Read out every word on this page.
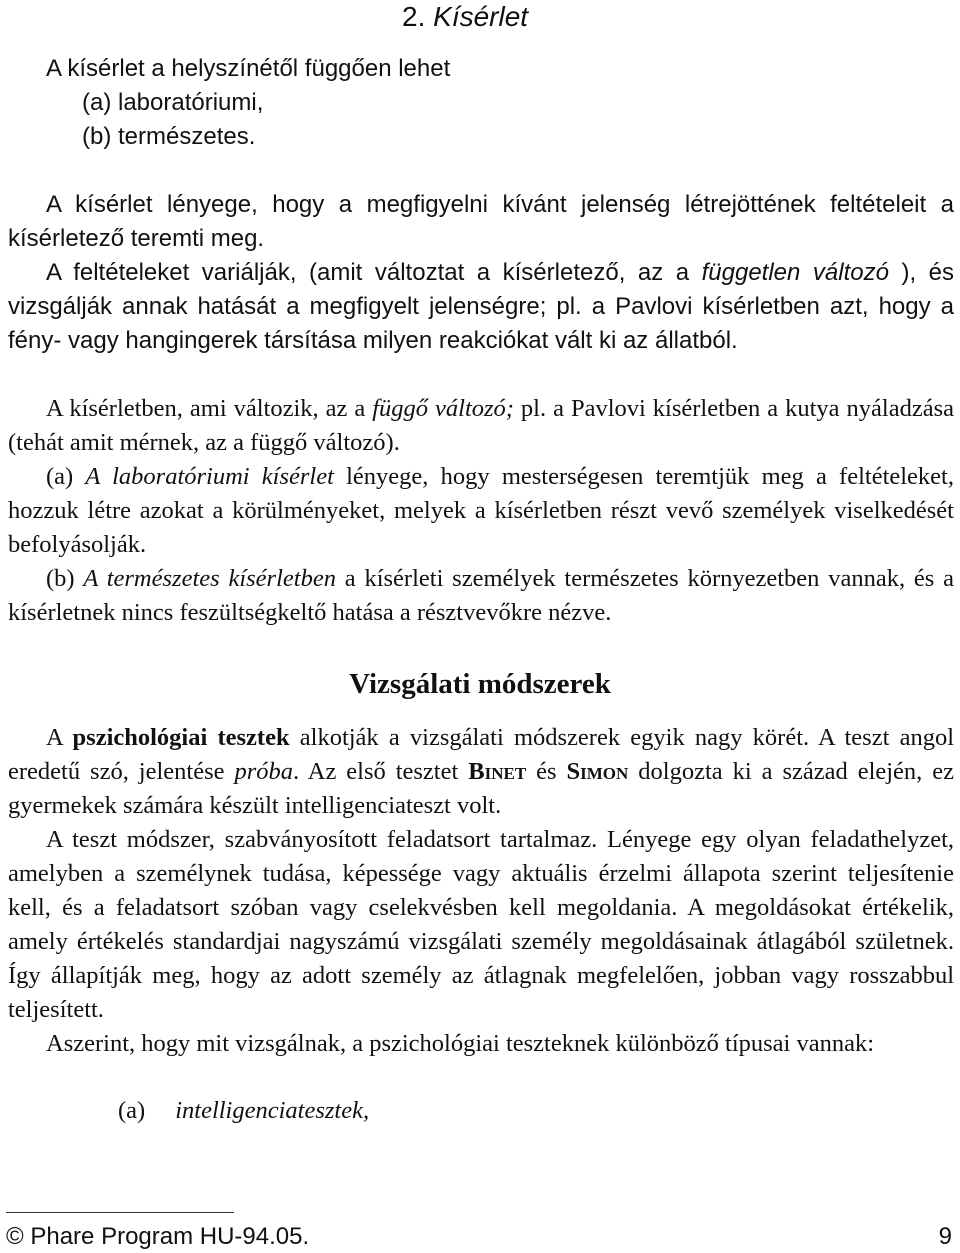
2. Kísérlet
A kísérlet a helyszínétől függően lehet
(a) laboratóriumi,
(b) természetes.

A kísérlet lényege, hogy a megfigyelni kívánt jelenség létrejöttének feltételeit a kísérletező teremti meg.

A feltételeket variálják, (amit változtat a kísérletező, az a független változó ), és vizsgálják annak hatását a megfigyelt jelenségre; pl. a Pavlovi kísérletben azt, hogy a fény- vagy hangingerek társítása milyen reakciókat vált ki az állatból.

A kísérletben, ami változik, az a függő változó; pl. a Pavlovi kísérletben a kutya nyáladzása (tehát amit mérnek, az a függő változó).

(a) A laboratóriumi kísérlet lényege, hogy mesterségesen teremtjük meg a feltételeket, hozzuk létre azokat a körülményeket, melyek a kísérletben részt vevő személyek viselkedését befolyásolják.

(b) A természetes kísérletben a kísérleti személyek természetes környezetben vannak, és a kísérletnek nincs feszültségkeltő hatása a résztvevőkre nézve.

Vizsgálati módszerek

A pszichológiai tesztek alkotják a vizsgálati módszerek egyik nagy körét. A teszt angol eredetű szó, jelentése próba. Az első tesztet Binet és Simon dolgozta ki a század elején, ez gyermekek számára készült intelligenciateszt volt.

A teszt módszer, szabványosított feladatsort tartalmaz. Lényege egy olyan feladathelyzet, amelyben a személynek tudása, képessége vagy aktuális érzelmi állapota szerint teljesítenie kell, és a feladatsort szóban vagy cselekvésben kell megoldania. A megoldásokat értékelik, amely értékelés standardjai nagyszámú vizsgálati személy megoldásainak átlagából születnek. Így állapítják meg, hogy az adott személy az átlagnak megfelelően, jobban vagy rosszabbul teljesített.

Aszerint, hogy mit vizsgálnak, a pszichológiai teszteknek különböző típusai vannak:

(a) intelligenciatesztek,
© Phare Program HU-94.05.	9
